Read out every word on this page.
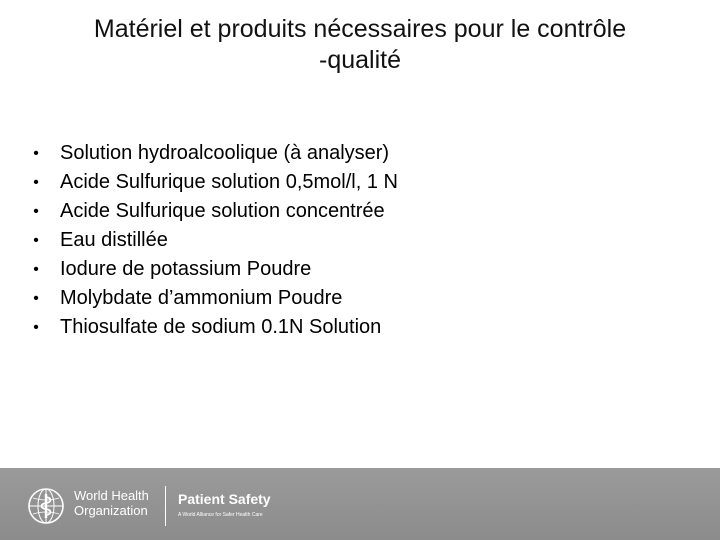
Matériel et produits nécessaires pour le contrôle
-qualité
• Solution hydroalcoolique (à analyser)
• Acide Sulfurique solution 0,5mol/l, 1 N
• Acide Sulfurique solution concentrée
• Eau distillée
• Iodure de potassium Poudre
• Molybdate d’ammonium Poudre
• Thiosulfate de sodium 0.1N Solution
World Health
Organization
Patient Safety
A World Alliance for Safer Health Care
